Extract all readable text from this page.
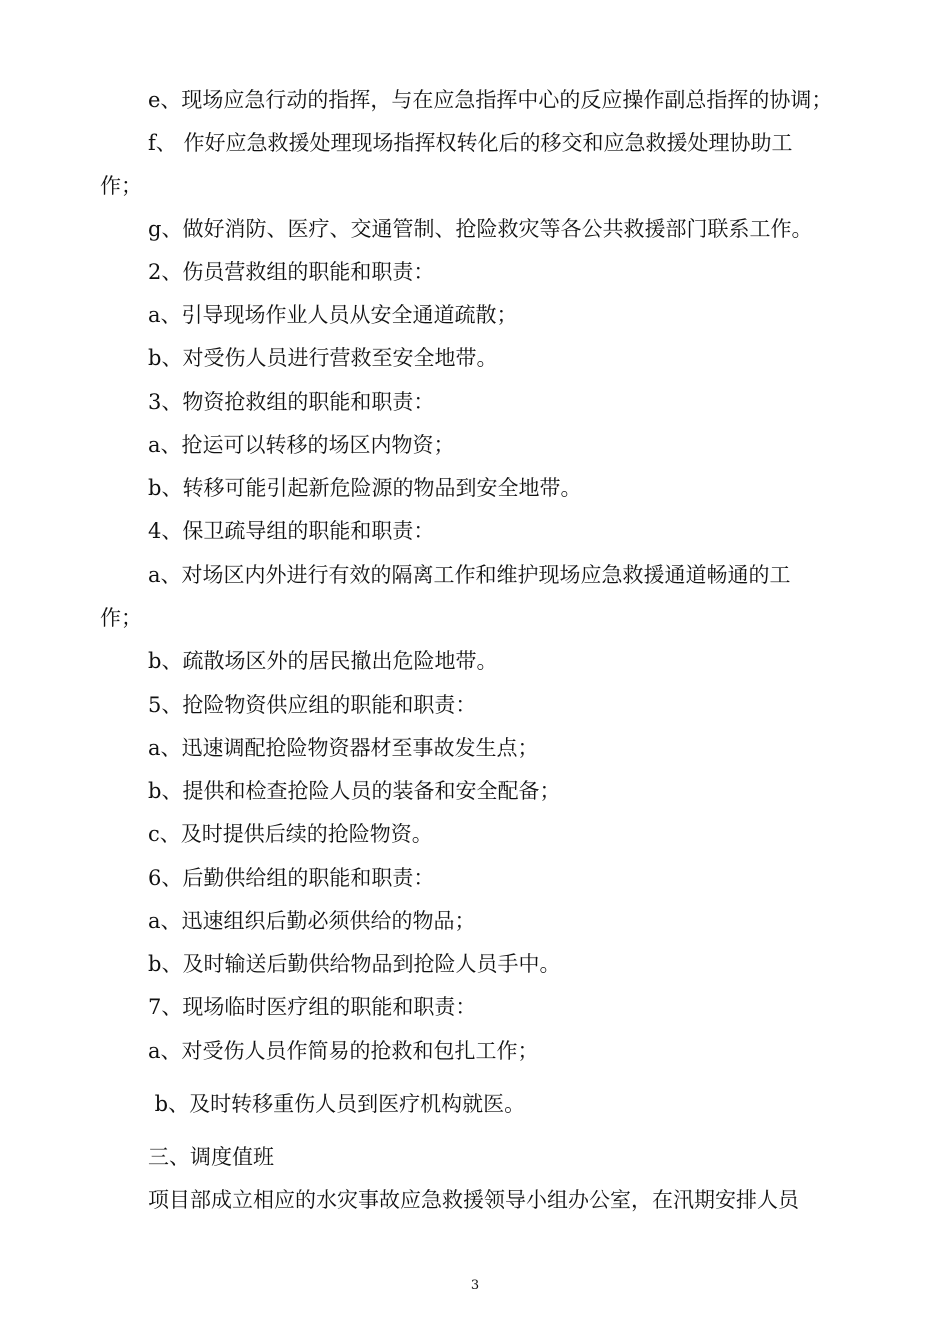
e、现场应急行动的指挥，与在应急指挥中心的反应操作副总指挥的协调；
f、 作好应急救援处理现场指挥权转化后的移交和应急救援处理协助工
作；
g、做好消防、医疗、交通管制、抢险救灾等各公共救援部门联系工作。
2、伤员营救组的职能和职责：
a、引导现场作业人员从安全通道疏散；
b、对受伤人员进行营救至安全地带。
3、物资抢救组的职能和职责：
a、抢运可以转移的场区内物资；
b、转移可能引起新危险源的物品到安全地带。
4、保卫疏导组的职能和职责：
a、对场区内外进行有效的隔离工作和维护现场应急救援通道畅通的工
作；
b、疏散场区外的居民撤出危险地带。
5、抢险物资供应组的职能和职责：
a、迅速调配抢险物资器材至事故发生点；
b、提供和检查抢险人员的装备和安全配备；
c、及时提供后续的抢险物资。
6、后勤供给组的职能和职责：
a、迅速组织后勤必须供给的物品；
b、及时输送后勤供给物品到抢险人员手中。
7、现场临时医疗组的职能和职责：
a、对受伤人员作简易的抢救和包扎工作；
b、及时转移重伤人员到医疗机构就医。
三、调度值班
项目部成立相应的水灾事故应急救援领导小组办公室，在汛期安排人员
3
